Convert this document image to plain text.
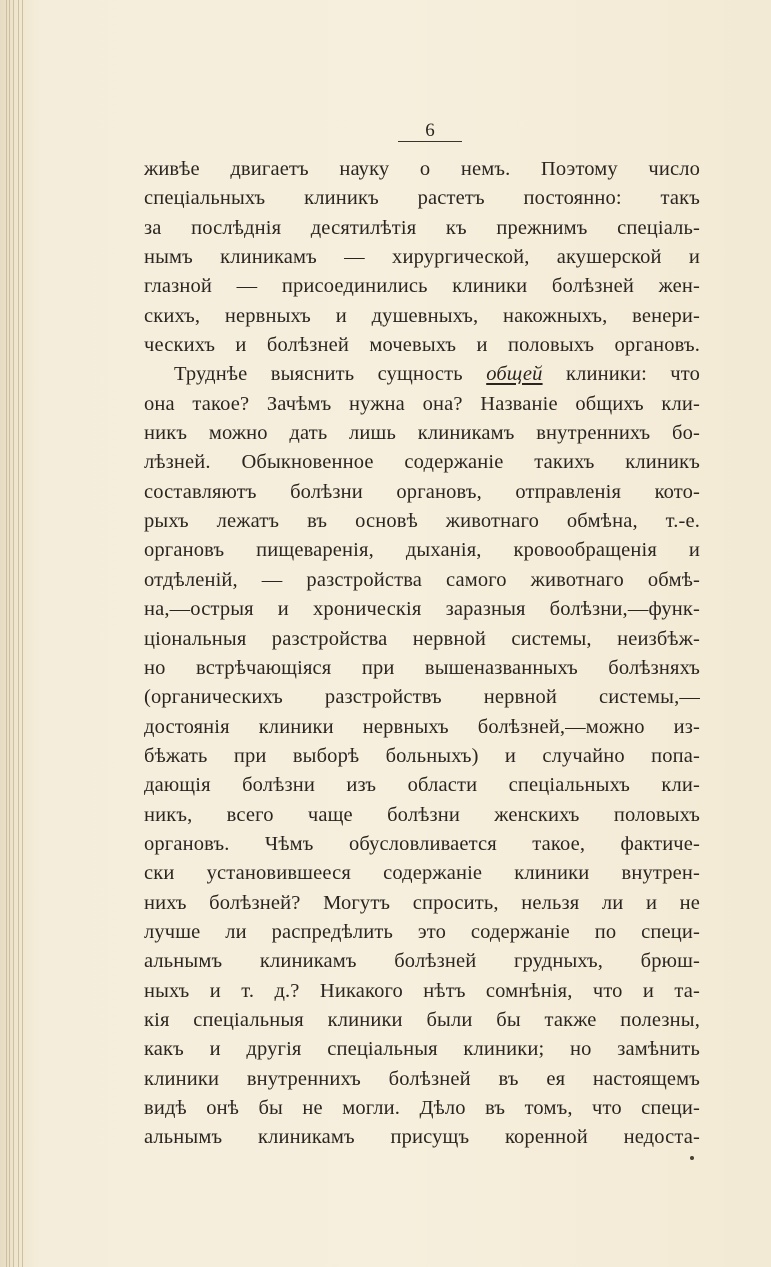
6
живѣе двигаетъ науку о немъ. Поэтому число
спеціальныхъ клиникъ растетъ постоянно: такъ
за послѣднія десятилѣтія къ прежнимъ спеціаль-
нымъ клиникамъ — хирургической, акушерской и
глазной — присоединились клиники болѣзней жен-
скихъ, нервныхъ и душевныхъ, накожныхъ, венери-
ческихъ и болѣзней мочевыхъ и половыхъ органовъ.
Труднѣе выяснить сущность общей клиники: что
она такое? Зачѣмъ нужна она? Названіе общихъ кли-
никъ можно дать лишь клиникамъ внутреннихъ бо-
лѣзней. Обыкновенное содержаніе такихъ клиникъ
составляютъ болѣзни органовъ, отправленія кото-
рыхъ лежатъ въ основѣ животнаго обмѣна, т.-е.
органовъ пищеваренія, дыханія, кровообращенія и
отдѣленій, — разстройства самого животнаго обмѣ-
на,—острыя и хроническія заразныя болѣзни,—функ-
ціональныя разстройства нервной системы, неизбѣж-
но встрѣчающіяся при вышеназванныхъ болѣзняхъ
(органическихъ разстройствъ нервной системы,—
достоянія клиники нервныхъ болѣзней,—можно из-
бѣжать при выборѣ больныхъ) и случайно попа-
дающія болѣзни изъ области спеціальныхъ кли-
никъ, всего чаще болѣзни женскихъ половыхъ
органовъ. Чѣмъ обусловливается такое, фактиче-
ски установившееся содержаніе клиники внутрен-
нихъ болѣзней? Могутъ спросить, нельзя ли и не
лучше ли распредѣлить это содержаніе по специ-
альнымъ клиникамъ болѣзней грудныхъ, брюш-
ныхъ и т. д.? Никакого нѣтъ сомнѣнія, что и та-
кія спеціальныя клиники были бы также полезны,
какъ и другія спеціальныя клиники; но замѣнить
клиники внутреннихъ болѣзней въ ея настоящемъ
видѣ онѣ бы не могли. Дѣло въ томъ, что специ-
альнымъ клиникамъ присущъ коренной недоста-
